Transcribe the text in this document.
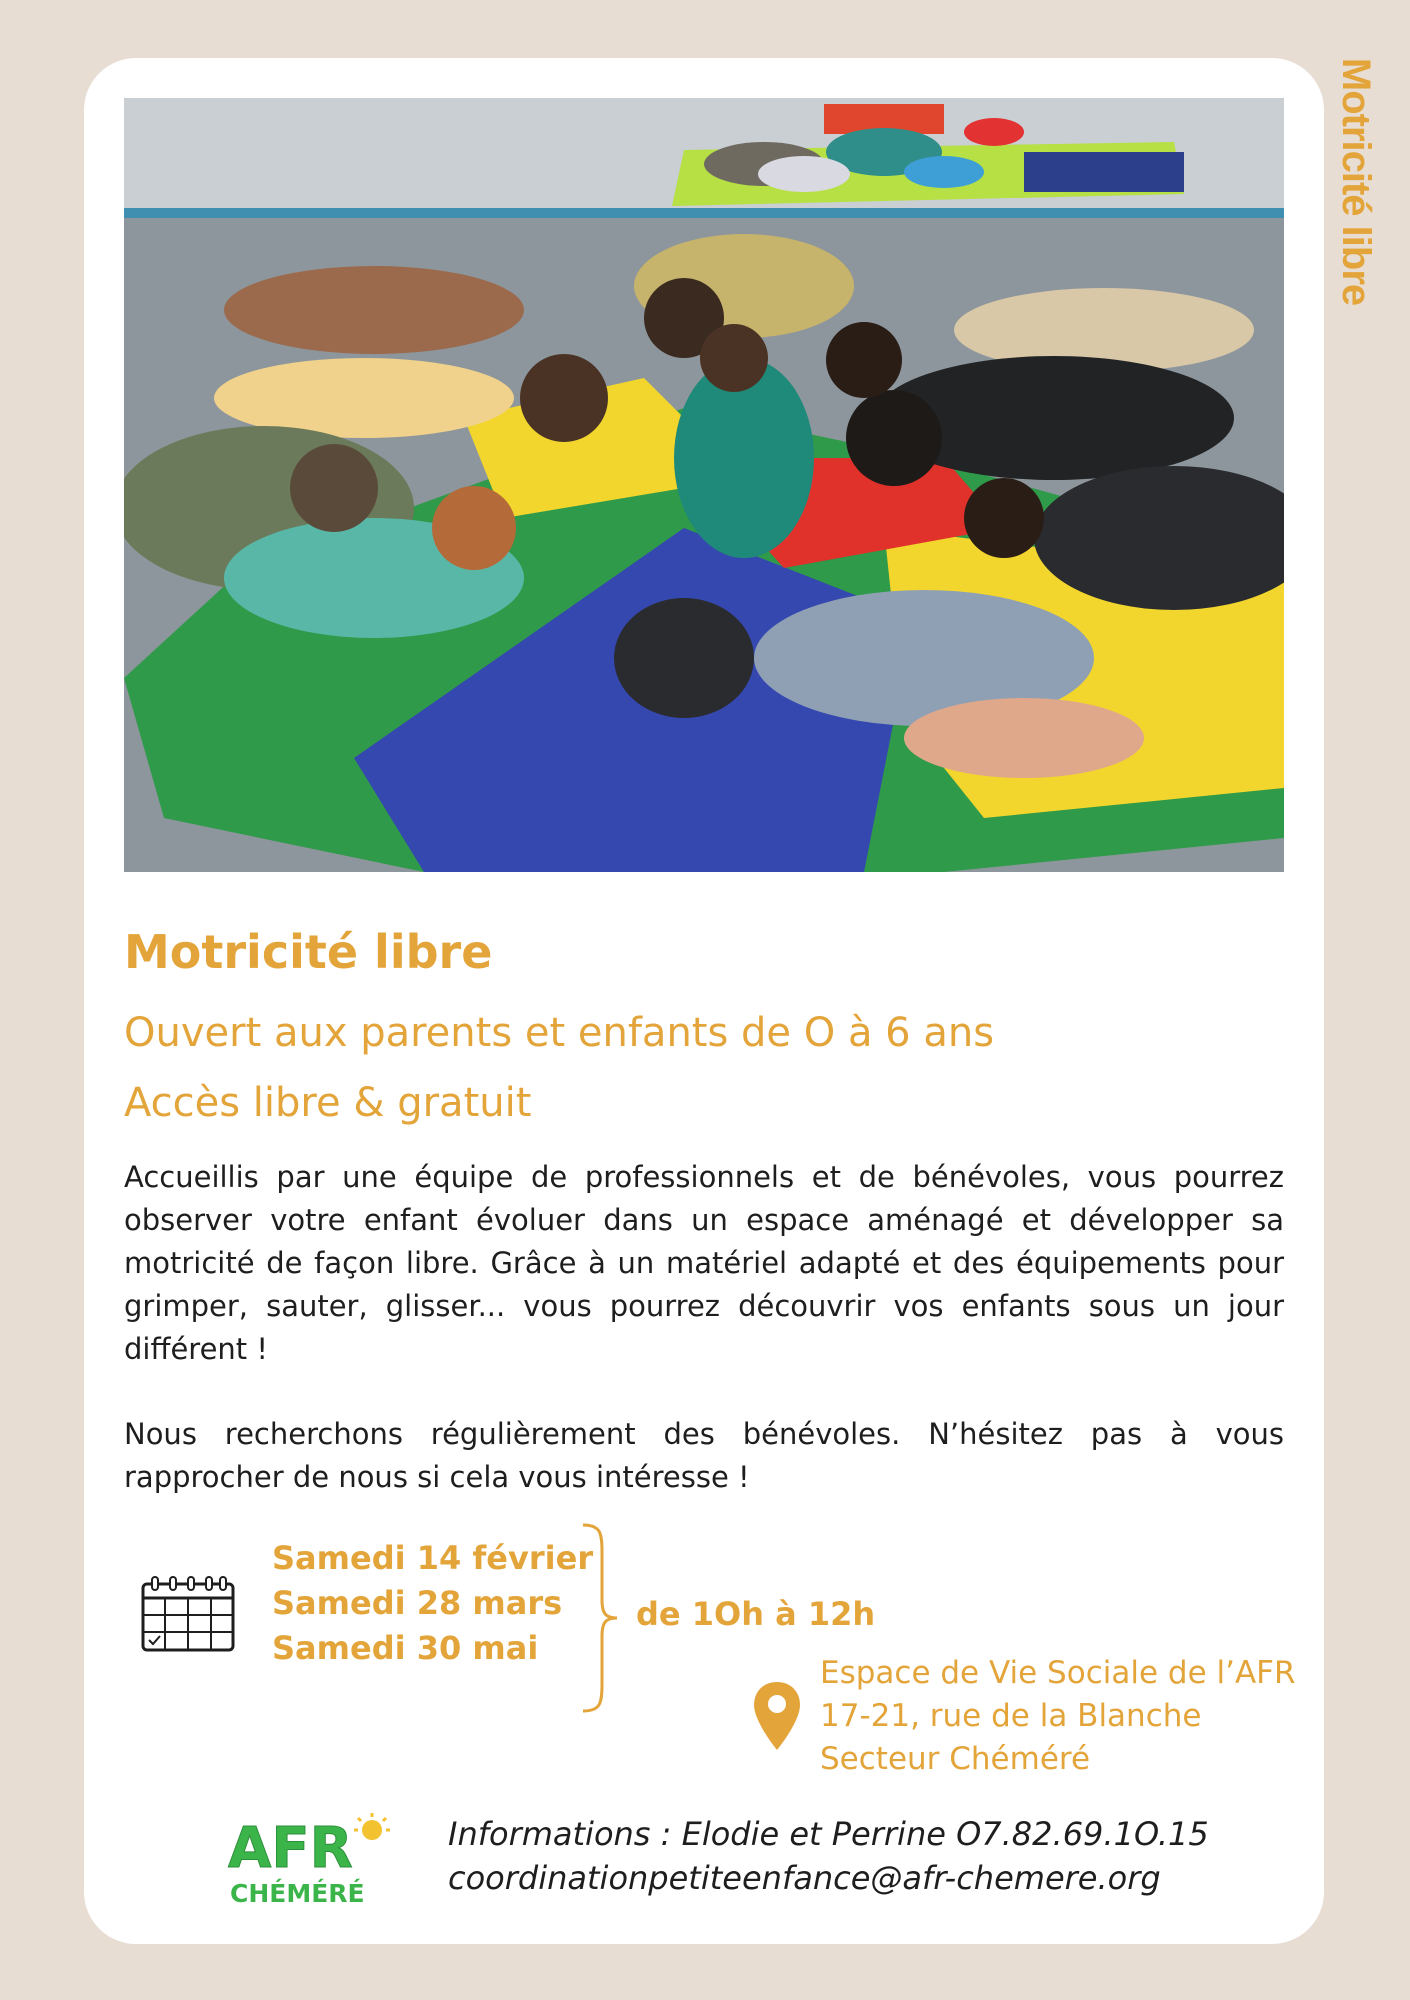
Motricité libre
Motricité libre
Ouvert aux parents et enfants de O à 6 ans
Accès libre & gratuit

Accueillis par une équipe de professionnels et de bénévoles, vous pourrez observer votre enfant évoluer dans un espace aménagé et développer sa motricité de façon libre. Grâce à un matériel adapté et des équipements pour grimper, sauter, glisser... vous pourrez découvrir vos enfants sous un jour différent !

Nous recherchons régulièrement des bénévoles. N’hésitez pas à vous rapprocher de nous si cela vous intéresse !

Samedi 14 février
Samedi 28 mars
Samedi 30 mai
de 1Oh à 12h
Espace de Vie Sociale de l’AFR
17-21, rue de la Blanche
Secteur Chéméré
AFR
CHÉMÉRÉ
Informations : Elodie et Perrine O7.82.69.1O.15
coordinationpetiteenfance@afr-chemere.org
